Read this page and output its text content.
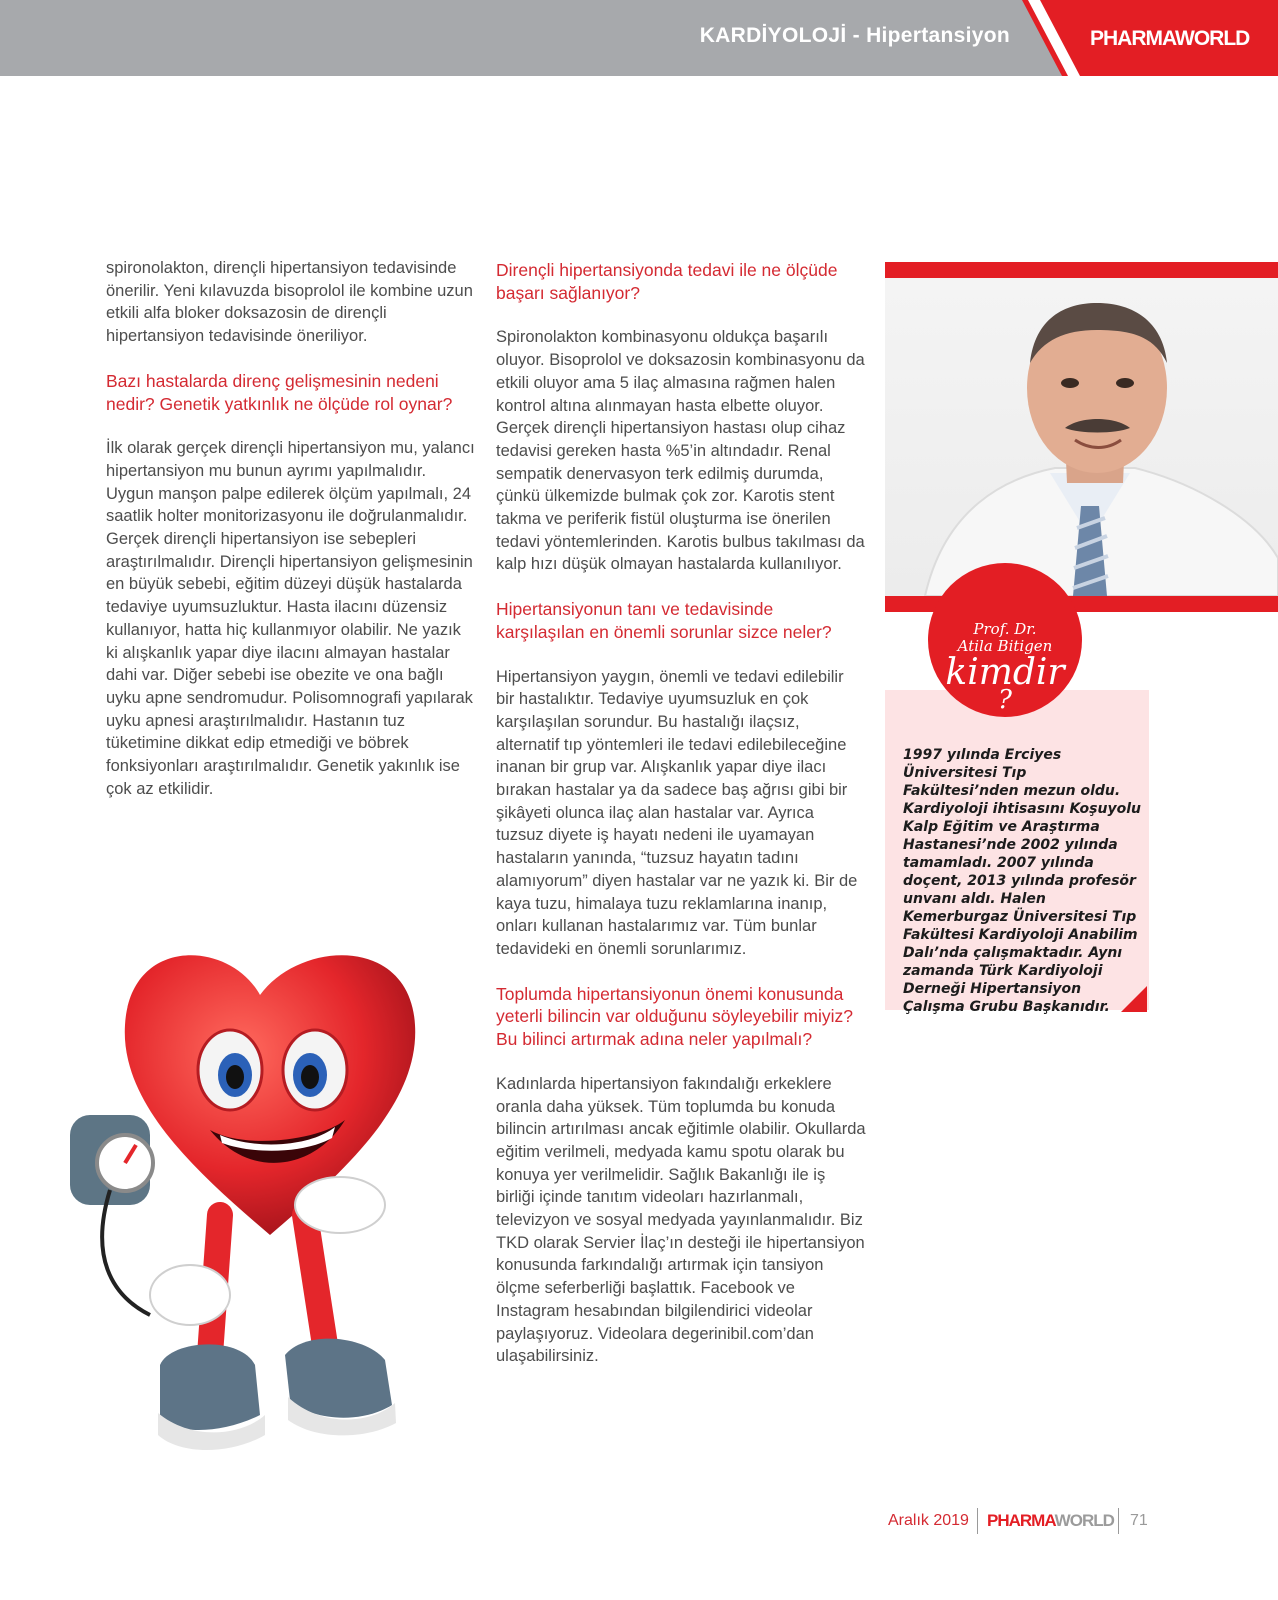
KARDİYOLOJİ - Hipertansiyon	PHARMAWORLD

spironolakton, dirençli hipertansiyon tedavisinde önerilir. Yeni kılavuzda bisoprolol ile kombine uzun etkili alfa bloker doksazosin de dirençli hipertansiyon tedavisinde öneriliyor.

Bazı hastalarda direnç gelişmesinin nedeni nedir? Genetik yatkınlık ne ölçüde rol oynar?

İlk olarak gerçek dirençli hipertansiyon mu, yalancı hipertansiyon mu bunun ayrımı yapılmalıdır. Uygun manşon palpe edilerek ölçüm yapılmalı, 24 saatlik holter monitorizasyonu ile doğrulanmalıdır. Gerçek dirençli hipertansiyon ise sebepleri araştırılmalıdır. Dirençli hipertansiyon gelişmesinin en büyük sebebi, eğitim düzeyi düşük hastalarda tedaviye uyumsuzluktur. Hasta ilacını düzensiz kullanıyor, hatta hiç kullanmıyor olabilir. Ne yazık ki alışkanlık yapar diye ilacını almayan hastalar dahi var. Diğer sebebi ise obezite ve ona bağlı uyku apne sendromudur. Polisomnografi yapılarak uyku apnesi araştırılmalıdır. Hastanın tuz tüketimine dikkat edip etmediği ve böbrek fonksiyonları araştırılmalıdır. Genetik yakınlık ise çok az etkilidir.

Dirençli hipertansiyonda tedavi ile ne ölçüde başarı sağlanıyor?

Spironolakton kombinasyonu oldukça başarılı oluyor. Bisoprolol ve doksazosin kombinasyonu da etkili oluyor ama 5 ilaç almasına rağmen halen kontrol altına alınmayan hasta elbette oluyor. Gerçek dirençli hipertansiyon hastası olup cihaz tedavisi gereken hasta %5’in altındadır. Renal sempatik denervasyon terk edilmiş durumda, çünkü ülkemizde bulmak çok zor. Karotis stent takma ve periferik fistül oluşturma ise önerilen tedavi yöntemlerinden. Karotis bulbus takılması da kalp hızı düşük olmayan hastalarda kullanılıyor.

Hipertansiyonun tanı ve tedavisinde karşılaşılan en önemli sorunlar sizce neler?

Hipertansiyon yaygın, önemli ve tedavi edilebilir bir hastalıktır. Tedaviye uyumsuzluk en çok karşılaşılan sorundur. Bu hastalığı ilaçsız, alternatif tıp yöntemleri ile tedavi edilebileceğine inanan bir grup var. Alışkanlık yapar diye ilacı bırakan hastalar ya da sadece baş ağrısı gibi bir şikâyeti olunca ilaç alan hastalar var. Ayrıca tuzsuz diyete iş hayatı nedeni ile uyamayan hastaların yanında, “tuzsuz hayatın tadını alamıyorum” diyen hastalar var ne yazık ki. Bir de kaya tuzu, himalaya tuzu reklamlarına inanıp, onları kullanan hastalarımız var. Tüm bunlar tedavideki en önemli sorunlarımız.

Toplumda hipertansiyonun önemi konusunda yeterli bilincin var olduğunu söyleyebilir miyiz? Bu bilinci artırmak adına neler yapılmalı?

Kadınlarda hipertansiyon fakındalığı erkeklere oranla daha yüksek. Tüm toplumda bu konuda bilincin artırılması ancak eğitimle olabilir. Okullarda eğitim verilmeli, medyada kamu spotu olarak bu konuya yer verilmelidir. Sağlık Bakanlığı ile iş birliği içinde tanıtım videoları hazırlanmalı, televizyon ve sosyal medyada yayınlanmalıdır. Biz TKD olarak Servier İlaç’ın desteği ile hipertansiyon konusunda farkındalığı artırmak için tansiyon ölçme seferberliği başlattık. Facebook ve Instagram hesabından bilgilendirici videolar paylaşıyoruz. Videolara degerinibil.com’dan ulaşabilirsiniz.

Prof. Dr.
Atila Bitigen
kimdir
?
1997 yılında Erciyes Üniversitesi Tıp Fakültesi’nden mezun oldu. Kardiyoloji ihtisasını Koşuyolu Kalp Eğitim ve Araştırma Hastanesi’nde 2002 yılında tamamladı. 2007 yılında doçent, 2013 yılında profesör unvanı aldı. Halen Kemerburgaz Üniversitesi Tıp Fakültesi Kardiyoloji Anabilim Dalı’nda çalışmaktadır. Aynı zamanda Türk Kardiyoloji Derneği Hipertansiyon Çalışma Grubu Başkanıdır.
Aralık 2019 PHARMAWORLD 71
